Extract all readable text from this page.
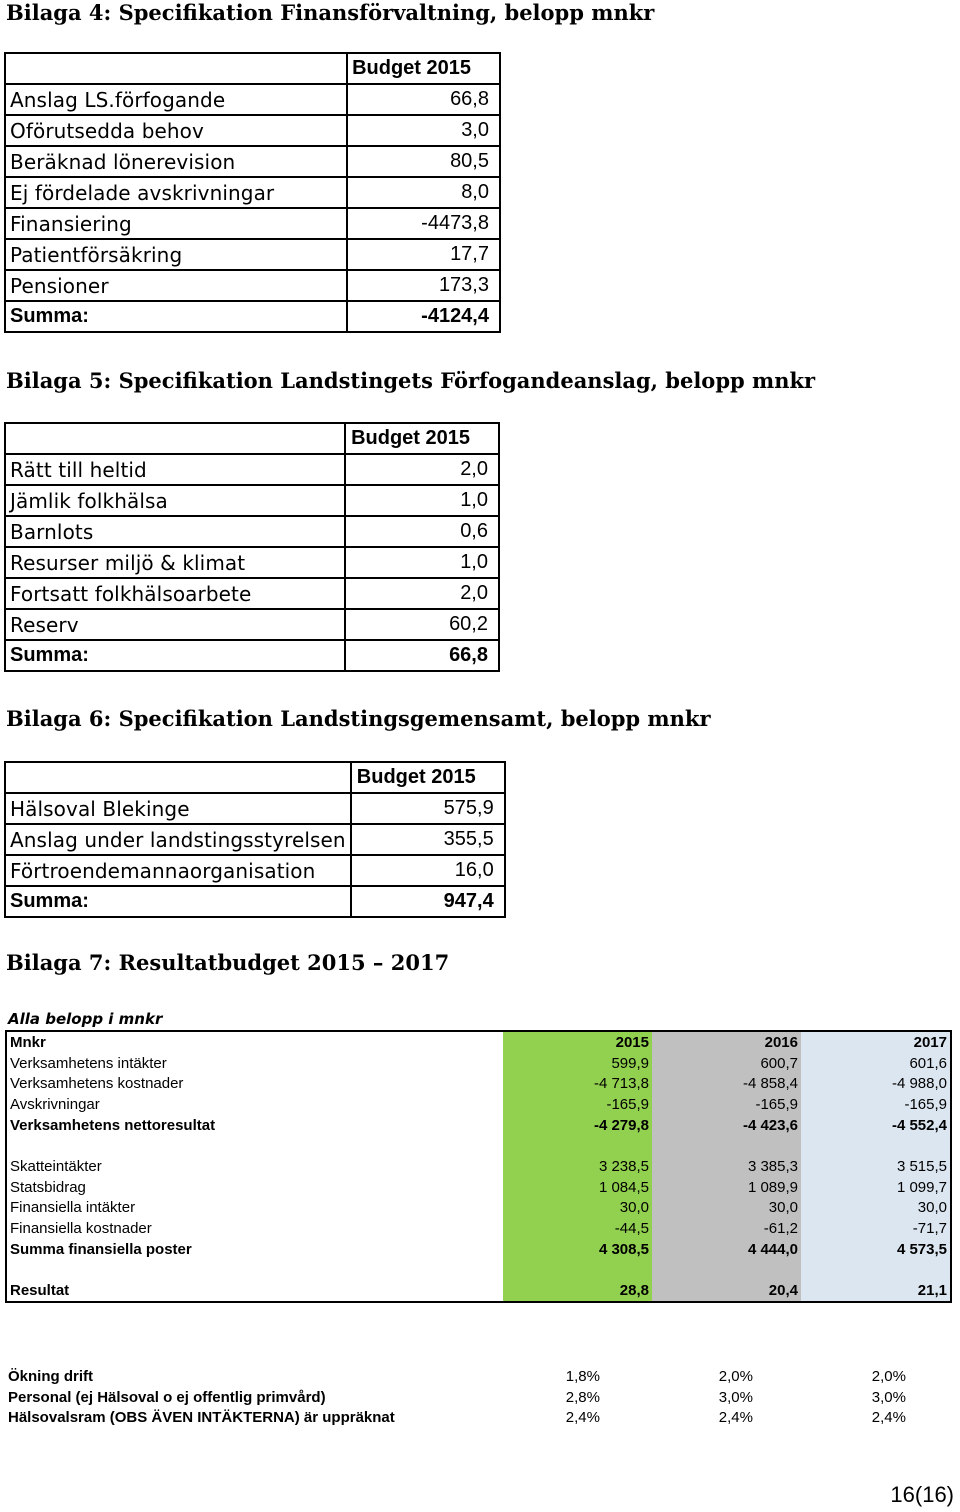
Bilaga 4: Specifikation Finansförvaltning, belopp mnkr
	Budget 2015
Anslag LS.förfogande	66,8
Oförutsedda behov	3,0
Beräknad lönerevision	80,5
Ej fördelade avskrivningar	8,0
Finansiering	-4473,8
Patientförsäkring	17,7
Pensioner	173,3
Summa:	-4124,4
Bilaga 5: Specifikation Landstingets Förfogandeanslag, belopp mnkr
	Budget 2015
Rätt till heltid	2,0
Jämlik folkhälsa	1,0
Barnlots	0,6
Resurser miljö & klimat	1,0
Fortsatt folkhälsoarbete	2,0
Reserv	60,2
Summa:	66,8
Bilaga 6: Specifikation Landstingsgemensamt, belopp mnkr
	Budget 2015
Hälsoval Blekinge	575,9
Anslag under landstingsstyrelsen	355,5
Förtroendemannaorganisation	16,0
Summa:	947,4
Bilaga 7: Resultatbudget 2015 – 2017
Alla belopp i mnkr
Mnkr	2015	2016	2017
Verksamhetens intäkter	599,9	600,7	601,6
Verksamhetens kostnader	-4 713,8	-4 858,4	-4 988,0
Avskrivningar	-165,9	-165,9	-165,9
Verksamhetens nettoresultat	-4 279,8	-4 423,6	-4 552,4

Skatteintäkter	3 238,5	3 385,3	3 515,5
Statsbidrag	1 084,5	1 089,9	1 099,7
Finansiella intäkter	30,0	30,0	30,0
Finansiella kostnader	-44,5	-61,2	-71,7
Summa finansiella poster	4 308,5	4 444,0	4 573,5

Resultat	28,8	20,4	21,1
Ökning drift	1,8%	2,0%	2,0%
Personal (ej Hälsoval o ej offentlig primvård)	2,8%	3,0%	3,0%
Hälsovalsram (OBS ÄVEN INTÄKTERNA) är uppräknat	2,4%	2,4%	2,4%
16(16)
